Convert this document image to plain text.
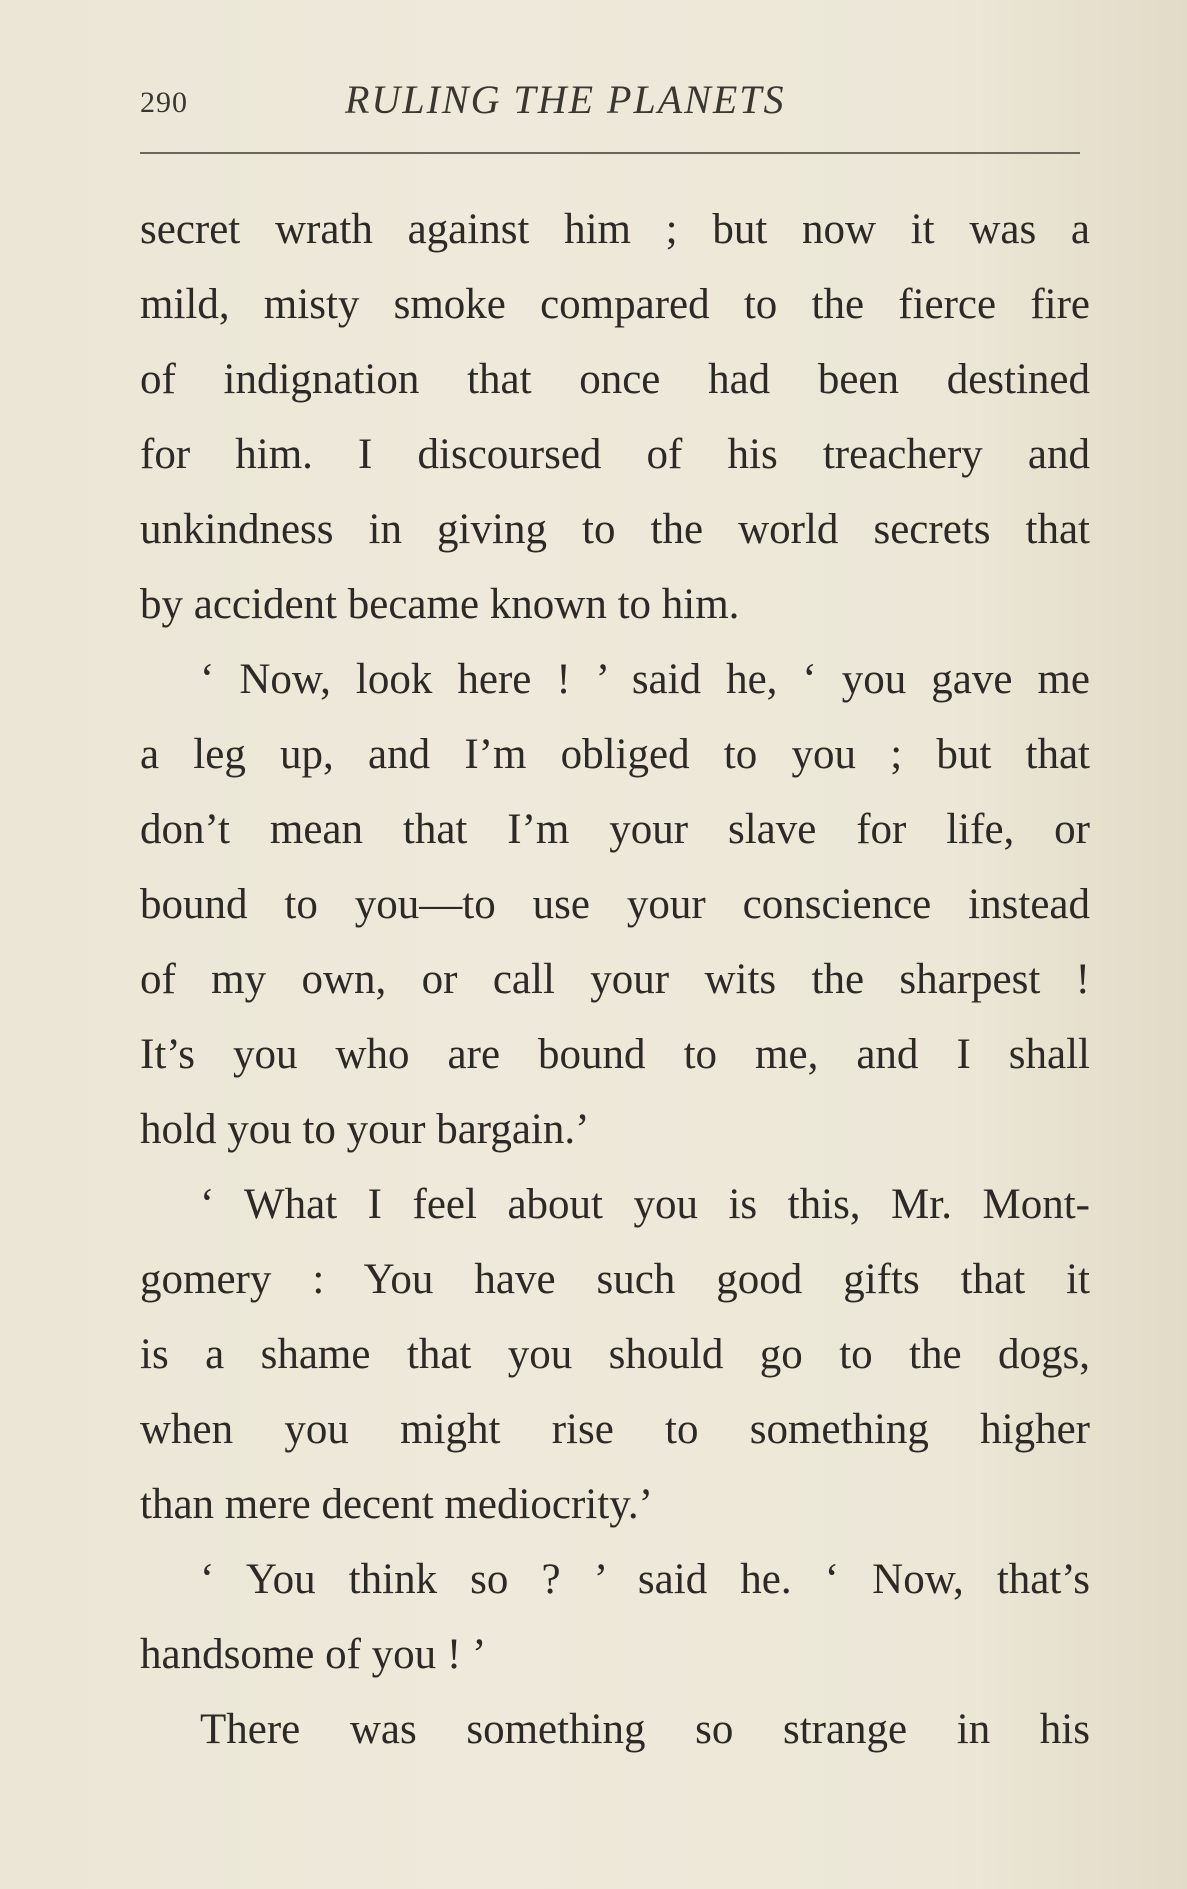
290	RULING THE PLANETS
secret wrath against him ; but now it was a
mild, misty smoke compared to the fierce fire
of indignation that once had been destined
for him. I discoursed of his treachery and
unkindness in giving to the world secrets that
by accident became known to him.
‘ Now, look here ! ’ said he, ‘ you gave me
a leg up, and I’m obliged to you ; but that
don’t mean that I’m your slave for life, or
bound to you—to use your conscience instead
of my own, or call your wits the sharpest !
It’s you who are bound to me, and I shall
hold you to your bargain.’
‘ What I feel about you is this, Mr. Mont-
gomery : You have such good gifts that it
is a shame that you should go to the dogs,
when you might rise to something higher
than mere decent mediocrity.’
‘ You think so ? ’ said he. ‘ Now, that’s
handsome of you ! ’
There was something so strange in his
